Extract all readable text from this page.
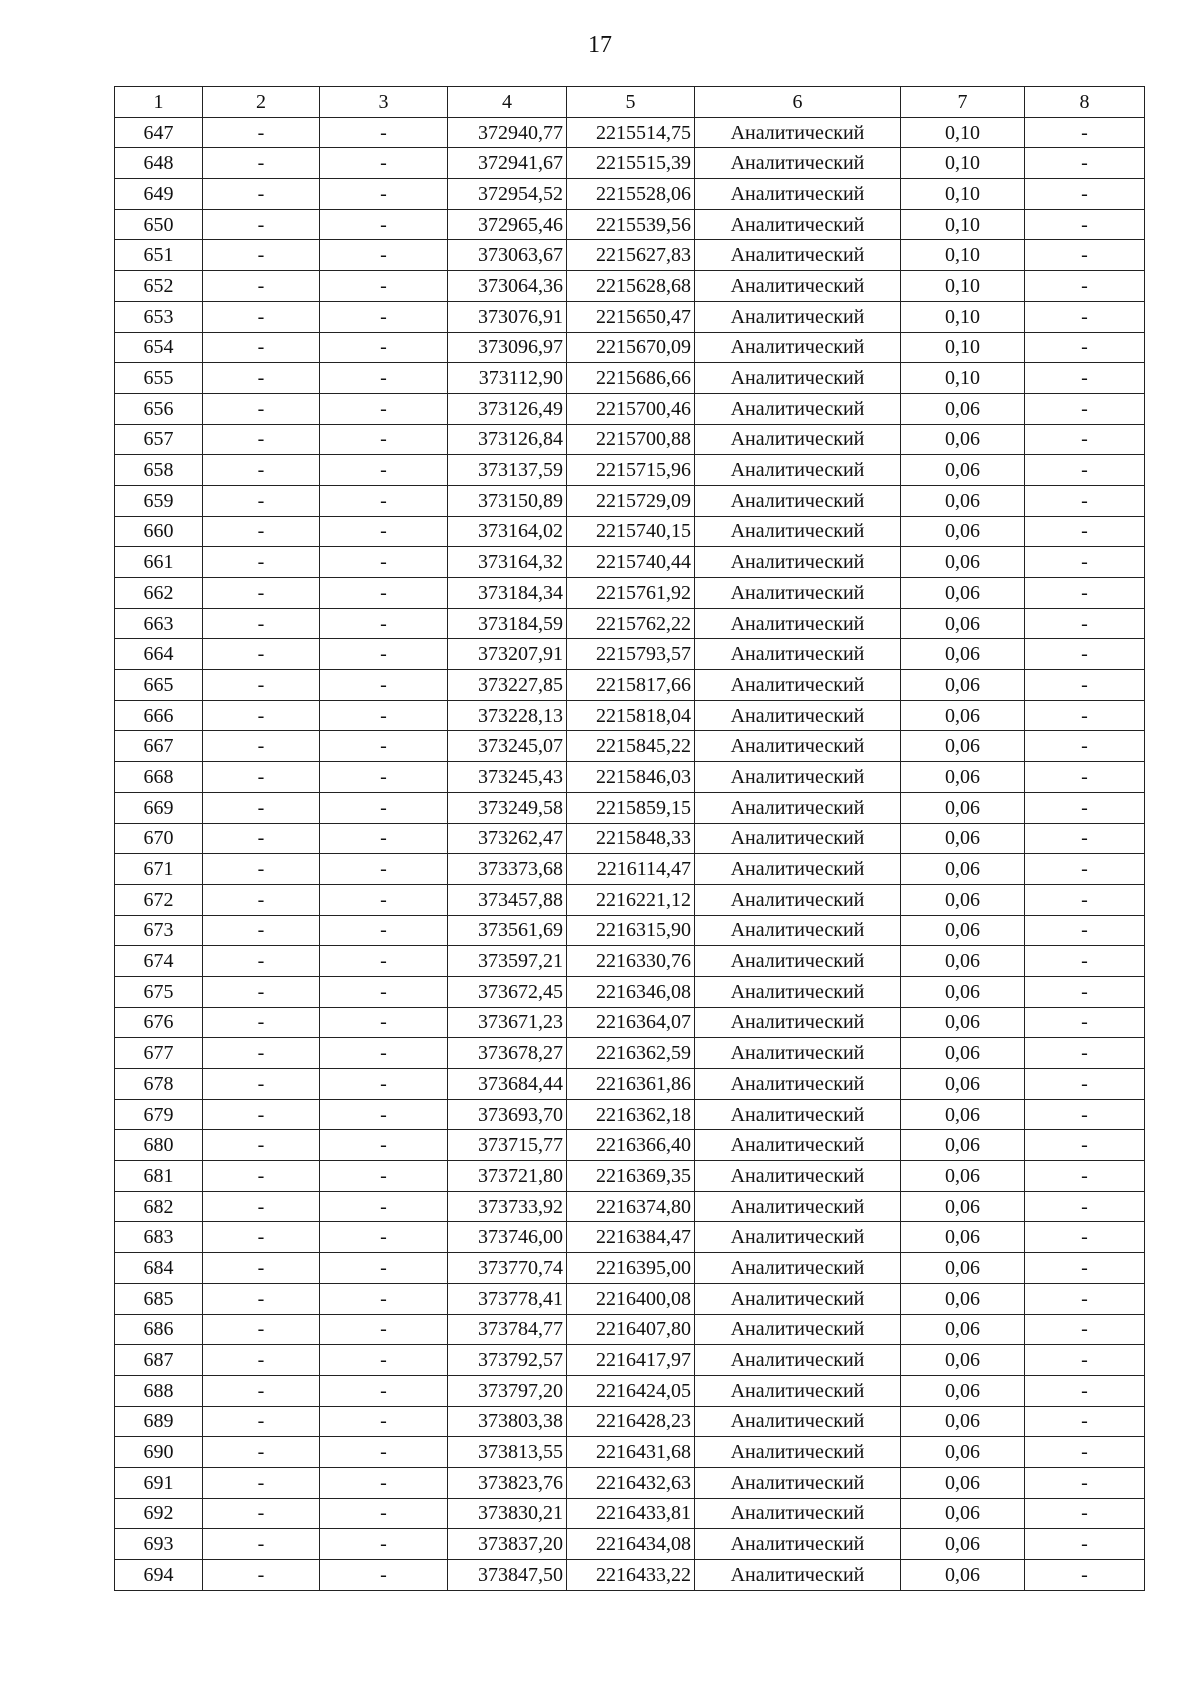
17
1	2	3	4	5	6	7	8
647	-	-	372940,77	2215514,75	Аналитический	0,10	-
648	-	-	372941,67	2215515,39	Аналитический	0,10	-
649	-	-	372954,52	2215528,06	Аналитический	0,10	-
650	-	-	372965,46	2215539,56	Аналитический	0,10	-
651	-	-	373063,67	2215627,83	Аналитический	0,10	-
652	-	-	373064,36	2215628,68	Аналитический	0,10	-
653	-	-	373076,91	2215650,47	Аналитический	0,10	-
654	-	-	373096,97	2215670,09	Аналитический	0,10	-
655	-	-	373112,90	2215686,66	Аналитический	0,10	-
656	-	-	373126,49	2215700,46	Аналитический	0,06	-
657	-	-	373126,84	2215700,88	Аналитический	0,06	-
658	-	-	373137,59	2215715,96	Аналитический	0,06	-
659	-	-	373150,89	2215729,09	Аналитический	0,06	-
660	-	-	373164,02	2215740,15	Аналитический	0,06	-
661	-	-	373164,32	2215740,44	Аналитический	0,06	-
662	-	-	373184,34	2215761,92	Аналитический	0,06	-
663	-	-	373184,59	2215762,22	Аналитический	0,06	-
664	-	-	373207,91	2215793,57	Аналитический	0,06	-
665	-	-	373227,85	2215817,66	Аналитический	0,06	-
666	-	-	373228,13	2215818,04	Аналитический	0,06	-
667	-	-	373245,07	2215845,22	Аналитический	0,06	-
668	-	-	373245,43	2215846,03	Аналитический	0,06	-
669	-	-	373249,58	2215859,15	Аналитический	0,06	-
670	-	-	373262,47	2215848,33	Аналитический	0,06	-
671	-	-	373373,68	2216114,47	Аналитический	0,06	-
672	-	-	373457,88	2216221,12	Аналитический	0,06	-
673	-	-	373561,69	2216315,90	Аналитический	0,06	-
674	-	-	373597,21	2216330,76	Аналитический	0,06	-
675	-	-	373672,45	2216346,08	Аналитический	0,06	-
676	-	-	373671,23	2216364,07	Аналитический	0,06	-
677	-	-	373678,27	2216362,59	Аналитический	0,06	-
678	-	-	373684,44	2216361,86	Аналитический	0,06	-
679	-	-	373693,70	2216362,18	Аналитический	0,06	-
680	-	-	373715,77	2216366,40	Аналитический	0,06	-
681	-	-	373721,80	2216369,35	Аналитический	0,06	-
682	-	-	373733,92	2216374,80	Аналитический	0,06	-
683	-	-	373746,00	2216384,47	Аналитический	0,06	-
684	-	-	373770,74	2216395,00	Аналитический	0,06	-
685	-	-	373778,41	2216400,08	Аналитический	0,06	-
686	-	-	373784,77	2216407,80	Аналитический	0,06	-
687	-	-	373792,57	2216417,97	Аналитический	0,06	-
688	-	-	373797,20	2216424,05	Аналитический	0,06	-
689	-	-	373803,38	2216428,23	Аналитический	0,06	-
690	-	-	373813,55	2216431,68	Аналитический	0,06	-
691	-	-	373823,76	2216432,63	Аналитический	0,06	-
692	-	-	373830,21	2216433,81	Аналитический	0,06	-
693	-	-	373837,20	2216434,08	Аналитический	0,06	-
694	-	-	373847,50	2216433,22	Аналитический	0,06	-
